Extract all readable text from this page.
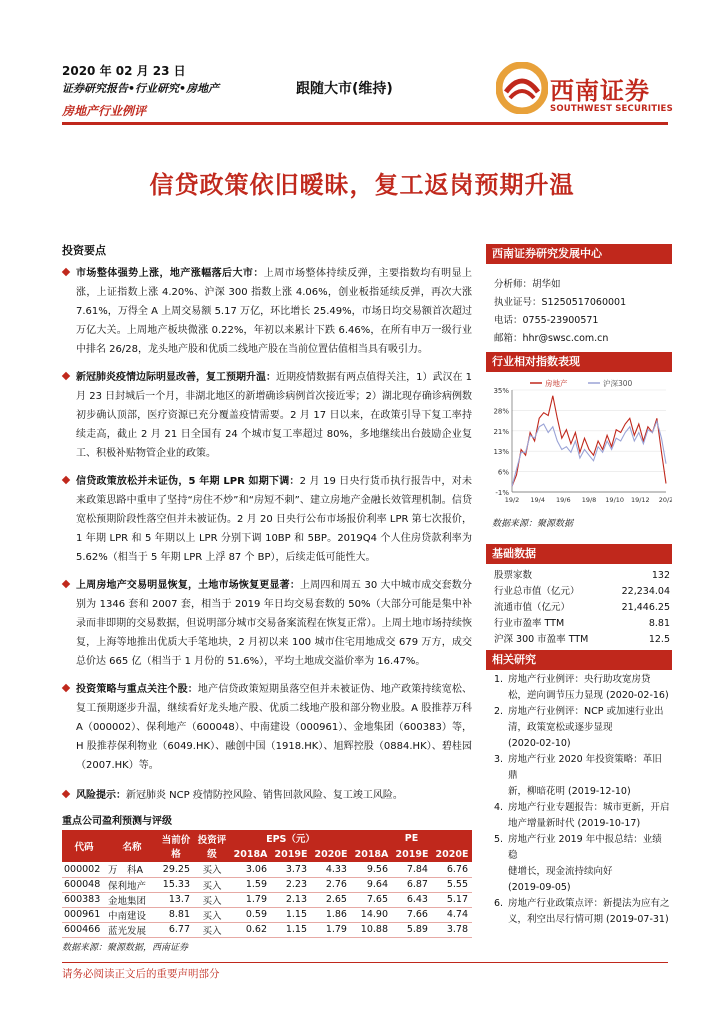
2020 年 02 月 23 日
证券研究报告•行业研究•房地产
房地产行业例评
跟随大市(维持)	西南证券
SOUTHWEST SECURITIES
信贷政策依旧暧昧，复工返岗预期升温
投资要点
市场整体强势上涨，地产涨幅落后大市：上周市场整体持续反弹，主要指数均有明显上涨，上证指数上涨 4.20%、沪深 300 指数上涨 4.06%，创业板指延续反弹，再次大涨 7.61%，万得全 A 上周交易额 5.17 万亿，环比增长 25.49%，市场日均交易额首次超过万亿大关。上周地产板块微涨 0.22%，年初以来累计下跌 6.46%，在所有申万一级行业中排名 26/28，龙头地产股和优质二线地产股在当前位置估值相当具有吸引力。
新冠肺炎疫情边际明显改善，复工预期升温：近期疫情数据有两点值得关注，1）武汉在 1 月 23 日封城后一个月，非湖北地区的新增确诊病例首次接近零；2）湖北现存确诊病例数初步确认顶部，医疗资源已充分覆盖疫情需要。2 月 17 日以来，在政策引导下复工率持续走高，截止 2 月 21 日全国有 24 个城市复工率超过 80%，多地继续出台鼓励企业复工、积极补贴物管企业的政策。
信贷政策放松并未证伪，5 年期 LPR 如期下调：2 月 19 日央行货币执行报告中，对未来政策思路中重申了坚持“房住不炒”和“房短不刺”、建立房地产金融长效管理机制。信贷宽松预期阶段性落空但并未被证伪。2 月 20 日央行公布市场报价利率 LPR 第七次报价，1 年期 LPR 和 5 年期以上 LPR 分别下调 10BP 和 5BP。2019Q4 个人住房贷款利率为 5.62%（相当于 5 年期 LPR 上浮 87 个 BP），后续走低可能性大。
上周房地产交易明显恢复，土地市场恢复更显著：上周四和周五 30 大中城市成交套数分别为 1346 套和 2007 套，相当于 2019 年日均交易套数的 50%（大部分可能是集中补录而非即期的交易数据，但说明部分城市交易备案流程在恢复正常）。上周土地市场持续恢复，上海等地推出优质大手笔地块，2 月初以来 100 城市住宅用地成交 679 万方，成交总价达 665 亿（相当于 1 月份的 51.6%），平均土地成交溢价率为 16.47%。
投资策略与重点关注个股：地产信贷政策短期虽落空但并未被证伪、地产政策持续宽松、复工预期逐步升温，继续看好龙头地产股、优质二线地产股和部分物业股。A 股推荐万科 A（000002）、保利地产（600048）、中南建设（000961）、金地集团（600383）等，H 股推荐保利物业（6049.HK）、融创中国（1918.HK）、旭辉控股（0884.HK）、碧桂园（2007.HK）等。
风险提示：新冠肺炎 NCP 疫情防控风险、销售回款风险、复工竣工风险。
重点公司盈利预测与评级
代码	名称	当前价格	投资评级	EPS（元）			PE		
				2018A	2019E	2020E	2018A	2019E	2020E
000002	万　科A	29.25	买入	3.06	3.73	4.33	9.56	7.84	6.76
600048	保利地产	15.33	买入	1.59	2.23	2.76	9.64	6.87	5.55
600383	金地集团	13.7	买入	1.79	2.13	2.65	7.65	6.43	5.17
000961	中南建设	8.81	买入	0.59	1.15	1.86	14.90	7.66	4.74
600466	蓝光发展	6.77	买入	0.62	1.15	1.79	10.88	5.89	3.78
数据来源：聚源数据，西南证券
请务必阅读正文后的重要声明部分
西南证券研究发展中心
分析师：胡华如
执业证号：S1250517060001
电话：0755-23900571
邮箱：hhr@swsc.com.cn
行业相对指数表现
35%
28%
21%
13%
6%
-1%
19/2 19/4 19/6 19/8 19/10 19/12 20/2
房地产	沪深300
数据来源：聚源数据
基础数据
股票家数	132
行业总市值（亿元）	22,234.04
流通市值（亿元）	21,446.25
行业市盈率 TTM	8.81
沪深 300 市盈率 TTM	12.5
相关研究
1. 房地产行业例评：央行助攻宽房贷
松，逆向调节压力显现 (2020-02-16)
2. 房地产行业例评：NCP 或加速行业出
清，政策宽松或逐步显现
(2020-02-10)
3. 房地产行业 2020 年投资策略：革旧鼎
新，柳暗花明 (2019-12-10)
4. 房地产行业专题报告：城市更新，开启
地产增量新时代 (2019-10-17)
5. 房地产行业 2019 年中报总结：业绩稳
健增长，现金流持续向好
(2019-09-05)
6. 房地产行业政策点评：新提法为应有之
义，利空出尽行情可期 (2019-07-31)
